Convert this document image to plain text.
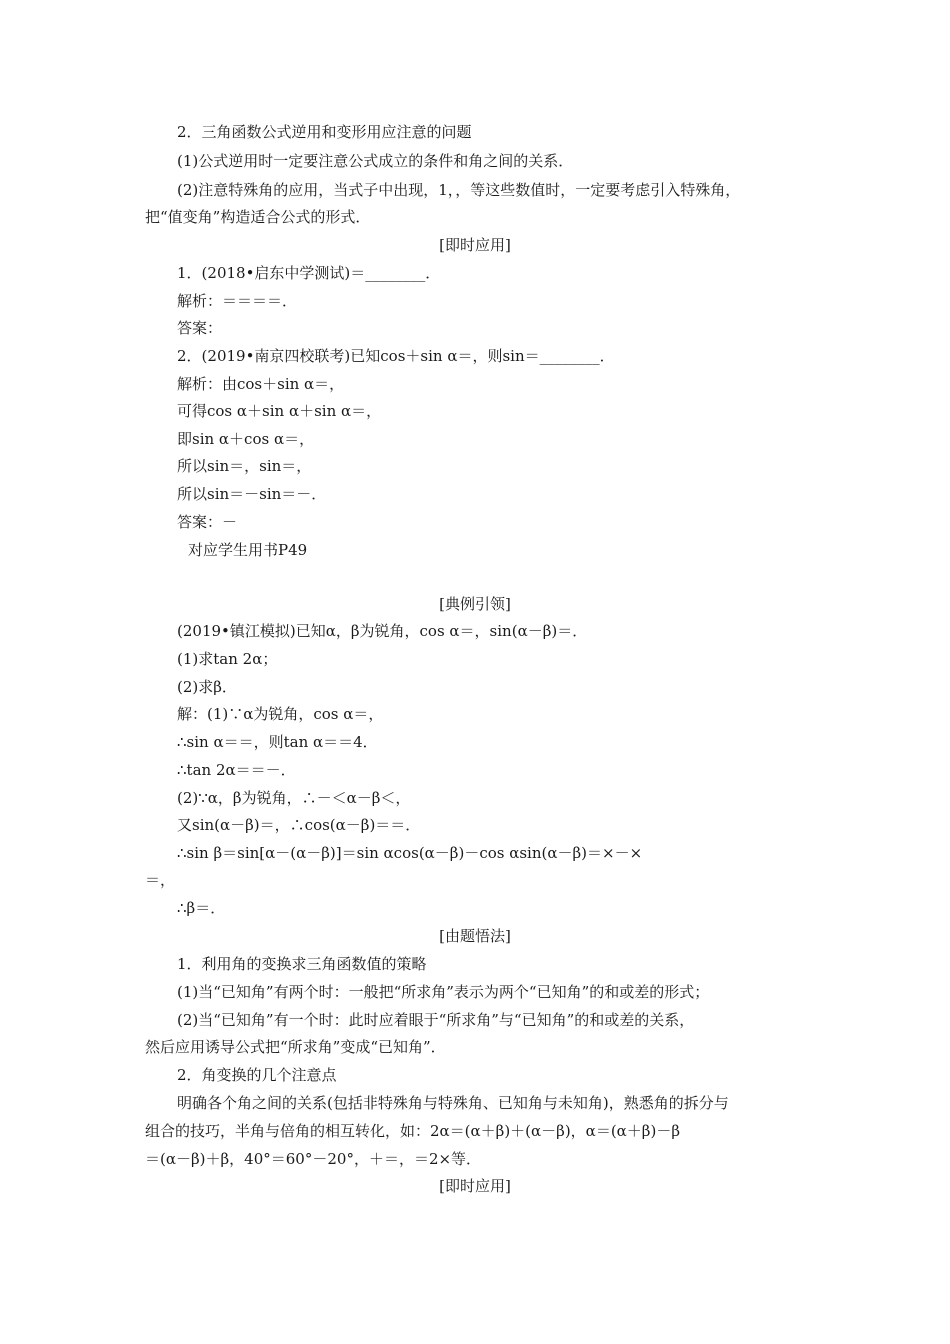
2．三角函数公式逆用和变形用应注意的问题
(1)公式逆用时一定要注意公式成立的条件和角之间的关系．
(2)注意特殊角的应用，当式子中出现，1，，等这些数值时，一定要考虑引入特殊角，
把“值变角”构造适合公式的形式．
[即时应用]
1．(2018•启东中学测试)＝________．
解析：＝＝＝＝．
答案：
2．(2019•南京四校联考)已知cos＋sin α＝，则sin＝________．
解析：由cos＋sin α＝，
可得cos α＋sin α＋sin α＝，
即sin α＋cos α＝，
所以sin＝，sin＝，
所以sin＝－sin＝－．
答案：－
对应学生用书P49
[典例引领]
(2019•镇江模拟)已知α，β为锐角，cos α＝，sin(α－β)＝．
(1)求tan 2α；
(2)求β．
解：(1)∵α为锐角，cos α＝，
∴sin α＝＝，则tan α＝＝4．
∴tan 2α＝＝－．
(2)∵α，β为锐角，∴－＜α－β＜，
又sin(α－β)＝，∴cos(α－β)＝＝．
∴sin β＝sin[α－(α－β)]＝sin αcos(α－β)－cos αsin(α－β)＝×－×
＝，
∴β＝．
[由题悟法]
1．利用角的变换求三角函数值的策略
(1)当“已知角”有两个时：一般把“所求角”表示为两个“已知角”的和或差的形式；
(2)当“已知角”有一个时：此时应着眼于“所求角”与“已知角”的和或差的关系，
然后应用诱导公式把“所求角”变成“已知角”．
2．角变换的几个注意点
明确各个角之间的关系(包括非特殊角与特殊角、已知角与未知角)，熟悉角的拆分与
组合的技巧，半角与倍角的相互转化，如：2α＝(α＋β)＋(α－β)，α＝(α＋β)－β
＝(α－β)＋β，40°＝60°－20°，＋＝，＝2×等．
[即时应用]
